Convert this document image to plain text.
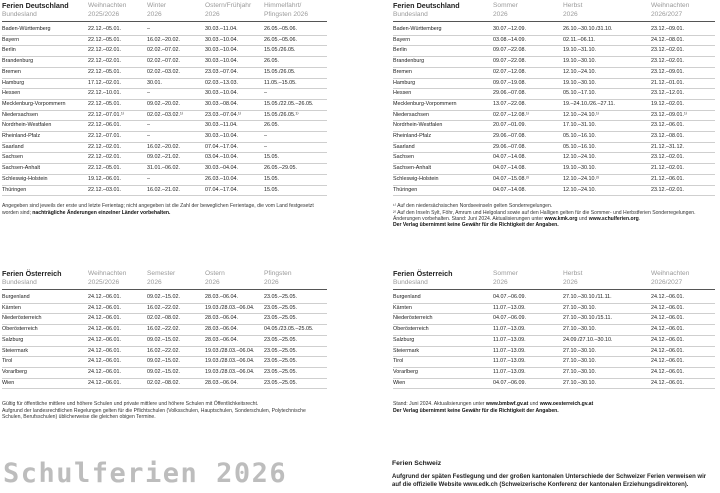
Ferien Deutschland	Weihnachten	Winter	Ostern/Frühjahr	Himmelfahrt/
Bundesland	2025/2026	2026	2026	Pfingsten 2026
Baden-Württemberg	22.12.–05.01.	–	30.03.–11.04.	26.05.–05.06.
Bayern	22.12.–05.01.	16.02.–20.02.	30.03.–10.04.	26.05.–05.06.
Berlin	22.12.–02.01.	02.02.–07.02.	30.03.–10.04.	15.05./26.05.
Brandenburg	22.12.–02.01.	02.02.–07.02.	30.03.–10.04.	26.05.
Bremen	22.12.–05.01.	02.02.–03.02.	23.03.–07.04.	15.05./26.05.
Hamburg	17.12.–02.01.	30.01.	02.03.–13.03.	11.05.–15.05.
Hessen	22.12.–10.01.	–	30.03.–10.04.	–
Mecklenburg-Vorpommern	22.12.–05.01.	09.02.–20.02.	30.03.–08.04.	15.05./22.05.–26.05.
Niedersachsen	22.12.–07.01.¹⁾	02.02.–03.02.¹⁾	23.03.–07.04.¹⁾	15.05./26.05.¹⁾
Nordrhein-Westfalen	22.12.–06.01.	–	30.03.–11.04.	26.05.
Rheinland-Pfalz	22.12.–07.01.	–	30.03.–10.04.	–
Saarland	22.12.–02.01.	16.02.–20.02.	07.04.–17.04.	–
Sachsen	22.12.–02.01.	09.02.–21.02.	03.04.–10.04.	15.05.
Sachsen-Anhalt	22.12.–05.01.	31.01.–06.02.	30.03.–04.04.	26.05.–29.05.
Schleswig-Holstein	19.12.–06.01.	–	26.03.–10.04.	15.05.
Thüringen	22.12.–03.01.	16.02.–21.02.	07.04.–17.04.	15.05.
Angegeben sind jeweils der erste und letzte Ferientag; nicht angegeben ist die Zahl der beweglichen Ferientage, die vom Land festgesetzt
worden sind; nachträgliche Änderungen einzelner Länder vorbehalten.
Ferien Deutschland	Sommer	Herbst	Weihnachten
Bundesland	2026	2026	2026/2027
Baden-Württemberg	30.07.–12.09.	26.10.–30.10./31.10.	23.12.–09.01.
Bayern	03.08.–14.09.	02.11.–06.11.	24.12.–08.01.
Berlin	09.07.–22.08.	19.10.–31.10.	23.12.–02.01.
Brandenburg	09.07.–22.08.	19.10.–30.10.	23.12.–02.01.
Bremen	02.07.–12.08.	12.10.–24.10.	23.12.–09.01.
Hamburg	09.07.–19.08.	19.10.–30.10.	21.12.–01.01.
Hessen	29.06.–07.08.	05.10.–17.10.	23.12.–12.01.
Mecklenburg-Vorpommern	13.07.–22.08.	19.–24.10./26.–27.11.	19.12.–02.01.
Niedersachsen	02.07.–12.08.¹⁾	12.10.–24.10.¹⁾	23.12.–09.01.¹⁾
Nordrhein-Westfalen	20.07.–01.09.	17.10.–31.10.	23.12.–06.01.
Rheinland-Pfalz	29.06.–07.08.	05.10.–16.10.	23.12.–08.01.
Saarland	29.06.–07.08.	05.10.–16.10.	21.12.–31.12.
Sachsen	04.07.–14.08.	12.10.–24.10.	23.12.–02.01.
Sachsen-Anhalt	04.07.–14.08.	19.10.–30.10.	21.12.–02.01.
Schleswig-Holstein	04.07.–15.08.²⁾	12.10.–24.10.²⁾	21.12.–06.01.
Thüringen	04.07.–14.08.	12.10.–24.10.	23.12.–02.01.
¹⁾ Auf den niedersächsischen Nordseeinseln gelten Sonderregelungen.
²⁾ Auf den Inseln Sylt, Föhr, Amrum und Helgoland sowie auf den Halligen gelten für die Sommer- und Herbstferien Sonderregelungen.
Änderungen vorbehalten. Stand: Juni 2024. Aktualisierungen unter www.kmk.org und www.schulferien.org.
Der Verlag übernimmt keine Gewähr für die Richtigkeit der Angaben.
Ferien Österreich	Weihnachten	Semester	Ostern	Pfingsten
Bundesland	2025/2026	2026	2026	2026
Burgenland	24.12.–06.01.	09.02.–15.02.	28.03.–06.04.	23.05.–25.05.
Kärnten	24.12.–06.01.	16.02.–22.02.	19.03./28.03.–06.04.	23.05.–25.05.
Niederösterreich	24.12.–06.01.	02.02.–08.02.	28.03.–06.04.	23.05.–25.05.
Oberösterreich	24.12.–06.01.	16.02.–22.02.	28.03.–06.04.	04.05./23.05.–25.05.
Salzburg	24.12.–06.01.	09.02.–15.02.	28.03.–06.04.	23.05.–25.05.
Steiermark	24.12.–06.01.	16.02.–22.02.	19.03./28.03.–06.04.	23.05.–25.05.
Tirol	24.12.–06.01.	09.02.–15.02.	19.03./28.03.–06.04.	23.05.–25.05.
Vorarlberg	24.12.–06.01.	09.02.–15.02.	19.03./28.03.–06.04.	23.05.–25.05.
Wien	24.12.–06.01.	02.02.–08.02.	28.03.–06.04.	23.05.–25.05.
Gültig für öffentliche mittlere und höhere Schulen und private mittlere und höhere Schulen mit Öffentlichkeitsrecht.
Aufgrund der landesrechtlichen Regelungen gelten für die Pflichtschulen (Volksschulen, Hauptschulen, Sonderschulen, Polytechnische
Schulen, Berufsschulen) üblicherweise die gleichen obigen Termine.
Ferien Österreich	Sommer	Herbst	Weihnachten
Bundesland	2026	2026	2026/2027
Burgenland	04.07.–06.09.	27.10.–30.10./11.11.	24.12.–06.01.
Kärnten	11.07.–13.09.	27.10.–30.10.	24.12.–06.01.
Niederösterreich	04.07.–06.09.	27.10.–30.10./15.11.	24.12.–06.01.
Oberösterreich	11.07.–13.09.	27.10.–30.10.	24.12.–06.01.
Salzburg	11.07.–13.09.	24.09./27.10.–30.10.	24.12.–06.01.
Steiermark	11.07.–13.09.	27.10.–30.10.	24.12.–06.01.
Tirol	11.07.–13.09.	27.10.–30.10.	24.12.–06.01.
Vorarlberg	11.07.–13.09.	27.10.–30.10.	24.12.–06.01.
Wien	04.07.–06.09.	27.10.–30.10.	24.12.–06.01.
Stand: Juni 2024. Aktualisierungen unter www.bmbwf.gv.at und www.oesterreich.gv.at
Der Verlag übernimmt keine Gewähr für die Richtigkeit der Angaben.
Schulferien 2026	Ferien Schweiz
Aufgrund der späten Festlegung und der großen kantonalen Unterschiede der Schweizer Ferien verweisen wir auf die offizielle Website www.edk.ch (Schweizerische Konferenz der kantonalen Erziehungsdirektoren).
